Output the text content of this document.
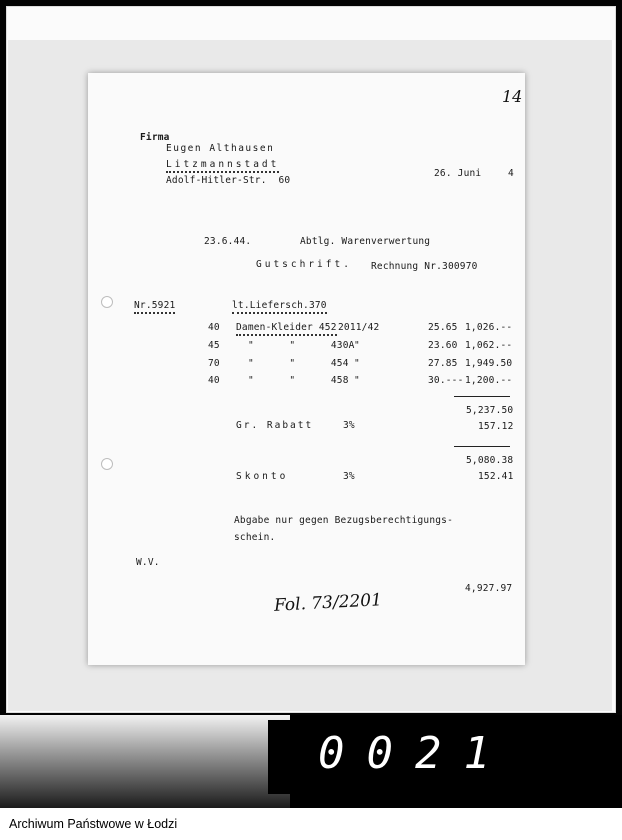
14
Firma
Eugen Althausen
Litzmannstadt
Adolf-Hitler-Str.  60
26. Juni	4
23.6.44.	Abtlg. Warenverwertung
Gutschrift. Rechnung Nr.300970
Nr.5921	lt.Liefersch.370
40 Damen-Kleider 452 2011/42	25.65 1,026.--
45	"      "      430A "	23.60 1,062.--
70	"      "      454 "	27.85 1,949.50
40	"      "      458 "	30.--- 1,200.--
5,237.50
Gr. Rabatt	3%	157.12
5,080.38
Skonto	3%	152.41
Abgabe nur gegen Bezugsberechtigungs-
schein.
W.V.
4,927.97
Fol. 73/2201
0021
Archiwum Państwowe w Łodzi
